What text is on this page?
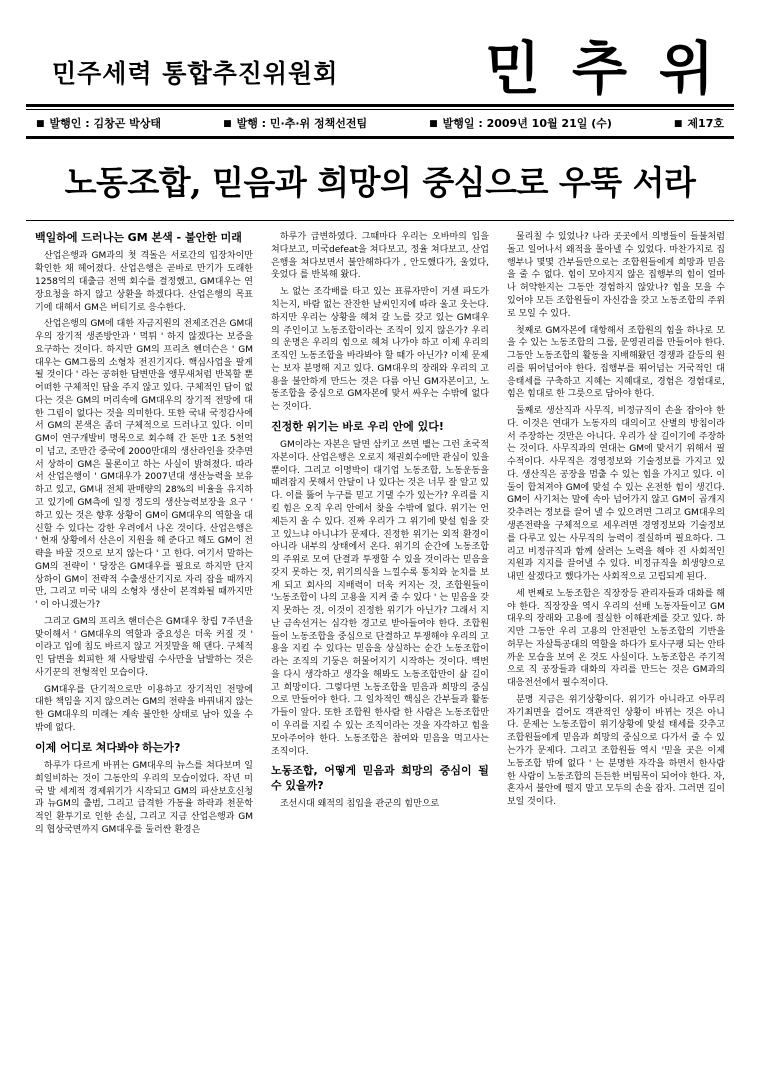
민주세력 통합추진위원회	민 추 위
■ 발행인 : 김창곤 박상태	■ 발행 : 민·추·위 정책선전팀	■ 발행일 : 2009년 10월 21일 (수)	■ 제17호
노동조합, 믿음과 희망의 중심으로 우뚝 서라
백일하에 드러나는 GM 본색 - 불안한 미래

산업은행과 GM과의 첫 격돌은 서로간의 입장차이만 확인한 채 헤어졌다. 산업은행은 곧바로 만기가 도래한 1258억의 대출금 전액 회수를 결정했고, GM대우는 연장요청을 하지 않고 상환을 하겠다다. 산업은행의 목표기에 대해서 GM은 버티기로 응수한다.

산업은행의 GM에 대한 자금지원의 전제조건은 GM대우의 장기적 생존방안과 ' 먹튀 ' 하지 않겠다는 보증을 요구하는 것이다. 하지만 GM의 프리츠 헨더슨은 ' GM대우는 GM그룹의 소형차 전진기지다. 핵심사업을 팔게 될 것이다 ' 라는 공허한 답변만을 앵무새처럼 반복할 뿐 어떠한 구체적인 답을 주지 않고 있다. 구체적인 답이 없다는 것은 GM의 머리속에 GM대우의 장기적 전망에 대한 그림이 없다는 것을 의미한다. 또한 국내 국정감사에서 GM의 본색은 좀더 구체적으로 드러나고 있다. 이미 GM이 연구개발비 명목으로 회수해 간 돈만 1조 5천억이 넘고, 조만간 중국에 2000만대의 생산라인을 갖추면서 상하이 GM은 물론이고 하는 사실이 밝혀졌다. 따라서 산업은행이 ' GM대우가 2007년대 생산능력을 보유하고 있고, GM내 전체 판매량의 28%의 비율을 유지하고 있기에 GM측에 일정 정도의 생산능력보장을 요구 ' 하고 있는 것은 향후 상황이 GM이 GM대우의 역할을 대신할 수 있다는 강한 우려에서 나온 것이다. 산업은행은 ' 현재 상황에서 산은이 지원을 해 준다고 해도 GM이 전략을 바꿀 것으로 보지 않는다 ' 고 한다. 여기서 말하는 GM의 전략이 ' 당장은 GM대우를 필요로 하지만 단지 상하이 GM이 전략적 수출생산기지로 자리 잡을 때까지만, 그리고 미국 내의 소형차 생산이 본격화될 때까지만 ' 이 아니겠는가?

그리고 GM의 프리츠 핸더슨은 GM대우 창립 7주년을 맞이해서 ' GM대우의 역할과 중요성은 더욱 커질 것 ' 이라고 입에 침도 바르지 않고 거짓말을 해 댄다. 구체적인 답변을 회피한 채 사탕발림 수사만을 남발하는 것은 사기꾼의 전형적인 모습이다.

GM대우를 단기적으로만 이용하고 장기적인 전망에 대한 책임을 지지 않으려는 GM의 전략을 바꿔내지 않는 한 GM대우의 미래는 계속 불안한 상태로 남아 있을 수 밖에 없다.

이제 어디로 쳐다봐야 하는가?

하루가 다르게 바뀌는 GM대우의 뉴스를 쳐다보며 일희일비하는 것이 그동안의 우리의 모습이었다. 작년 미국 발 세계적 경제위기가 시작되고 GM의 파산보호신청과 뉴GM의 출범, 그리고 급격한 가동율 하락과 천문학적인 환투기로 인한 손실, 그리고 지금 산업은행과 GM의 협상국면까지 GM대우를 둘러싼 환경은

하루가 급변하였다. 그때마다 우리는 오바마의 입을 쳐다보고, 미국defeat을 쳐다보고, 정율 쳐다보고, 산업은행을 쳐다보면서 불안해하다가 , 안도했다가, 울었다, 웃었다 를 반복해 왔다.

노 없는 조각배를 타고 있는 표류자만이 거센 파도가 치는지, 바람 없는 잔잔한 날씨인지에 따라 울고 웃는다. 하지만 우리는 상황을 헤쳐 갈 노를 갖고 있는 GM대우의 주인이고 노동조합이라는 조직이 있지 않은가? 우리의 운명은 우리의 힘으로 헤쳐 나가야 하고 이제 우리의 조직인 노동조합을 바라봐야 할 때가 아닌가? 이제 문제는 보자 분명해 지고 있다. GM대우의 장래와 우리의 고용을 불안하게 만드는 것은 다름 아닌 GM자본이고, 노동조합을 중심으로 GM자본에 맞서 싸우는 수밖에 없다는 것이다.

진정한 위기는 바로 우리 안에 있다!

GM이라는 자본은 달면 삼키고 쓰면 뱉는 그런 초국적 자본이다. 산업은행은 오로지 채권회수에만 관심이 있을 뿐이다. 그리고 이명박이 대기업 노동조합, 노동운동을 때려잡지 못해서 안달이 나 있다는 것은 너무 잘 알고 있다. 이를 뚫어 누구를 믿고 기댈 수가 있는가? 우리를 지킬 힘은 오직 우리 안에서 찾을 수밖에 없다. 위기는 언제든지 올 수 있다. 진짜 우리가 그 위기에 맞설 힘을 갖고 있느냐 아니냐가 문제다. 진정한 위기는 외적 환경이 아니라 내부의 상태에서 온다. 위기의 순간에 노동조합의 주위로 모여 단결과 투쟁할 수 있을 것이라는 믿음을 갖지 못하는 것, 위기의식을 느낄수록 통치와 눈치를 보게 되고 회사의 지배력이 더욱 커지는 것, 조합원들이 '노동조합이 나의 고용을 지켜 줄 수 있다 ' 는 믿음을 갖지 못하는 것, 이것이 진정한 위기가 아닌가? 그래서 지난 금속선거는 심각한 경고로 받아들여야 한다. 조합원들이 노동조합을 중심으로 단결하고 투쟁해야 우리의 고용을 지킬 수 있다는 믿음을 상실하는 순간 노동조합이라는 조직의 기둥은 허물어지기 시작하는 것이다. 백번을 다시 생각하고 생각을 해봐도 노동조합만이 삶 길이고 희망이다. 그렇다면 노동조합을 믿음과 희망의 중심으로 만들어야 한다. 그 일차적인 핵심은 간부들과 활동가들이 앞다. 또한 조합원 한사람 한 사람은 노동조합만이 우리를 지킬 수 있는 조직이라는 것을 자각하고 힘을 모아주어야 한다. 노동조합은 참여와 믿음을 먹고사는 조직이다.

노동조합, 어떻게 믿음과 희망의 중심이 될 수 있을까?

조선시대 왜적의 침입을 관군의 힘만으로

물리칠 수 있었나? 나라 곳곳에서 의병들이 들불처럼 돌고 일어나서 왜적을 몰아낼 수 있었다. 마찬가지로 집행부나 몇몇 간부들만으로는 조합원들에게 희망과 믿음을 줄 수 없다. 힘이 모아지지 않은 집행부의 힘이 얼마나 허약한지는 그동안 경험하지 않았나? 힘을 모을 수 있어야 모든 조합원들이 자신감을 갖고 노동조합의 주위로 모일 수 있다.

첫째로 GM자본에 대항해서 조합원의 힘을 하나로 모을 수 있는 노동조합의 그룹, 문영권리를 만들어야 한다. 그동안 노동조합의 활동을 지배해왔던 경쟁과 갈등의 원리를 뛰어넘어야 한다. 집행부를 뛰어넘는 거국적인 대응태세를 구축하고 지혜는 지혜대로, 경험은 경험대로, 힘은 힘대로 한 그릇으로 담아야 한다.

둘째로 생산직과 사무직, 비정규직이 손을 잡아야 한다. 이것은 연대가 노동자의 대의이고 산별의 방침이라서 주장하는 것만은 아니다. 우리가 살 길이기에 주장하는 것이다. 사무직과의 연대는 GM에 맞서기 위해서 필수적이다. 사무직은 경영정보와 기술정보를 가지고 있다. 생산직은 공장을 멈출 수 있는 힘을 가지고 있다. 이 둘이 합쳐져야 GM에 맞설 수 있는 온전한 힘이 생긴다. GM이 사기처는 말에 속아 넘어가지 않고 GM이 곱개지 갖추려는 정보를 끌어 낼 수 있으려면 그리고 GM대우의 생존전략을 구체적으로 세우려면 경영정보와 기술정보를 다루고 있는 사무직의 능력이 절실하며 필요하다. 그리고 비정규직과 함께 살려는 노력을 해야 진 사회적인 지원과 지지를 끌어낼 수 있다. 비정규직을 희생양으로 내민 살겠다고 했다가는 사회적으로 고립되게 된다.

세 번째로 노동조합은 직장장등 관리자들과 대화를 해야 한다. 직장장을 역시 우리의 선배 노동자들이고 GM대우의 장래와 고용에 절실한 이해관계를 갖고 있다. 하지만 그동안 우리 고용의 안전판인 노동조합의 기반을 허무는 자살특공대의 역할을 하다가 토사구팽 되는 안타까운 모습을 보여 온 것도 사실이다. 노동조합은 주기적으로 직 공장들과 대화의 자리를 만드는 것은 GM과의 대응전선에서 필수적이다.

분명 지금은 위기상황이다. 위기가 아니라고 아무리 자기최면을 걸어도 객관적인 상황이 바뀌는 것은 아니다. 문제는 노동조합이 위기상황에 맞설 태세를 갖추고 조합원들에게 믿음과 희망의 중심으로 다가서 줄 수 있는가가 문제다. 그리고 조합원들 역시 '믿을 곳은 이제 노동조합 밖에 없다 ' 는 분명한 자각을 하면서 한사람 한 사람이 노동조합의 든든한 버팀목이 되어야 한다. 자, 혼자서 불안에 떨지 말고 모두의 손을 잡자. 그러면 길이 보일 것이다.
